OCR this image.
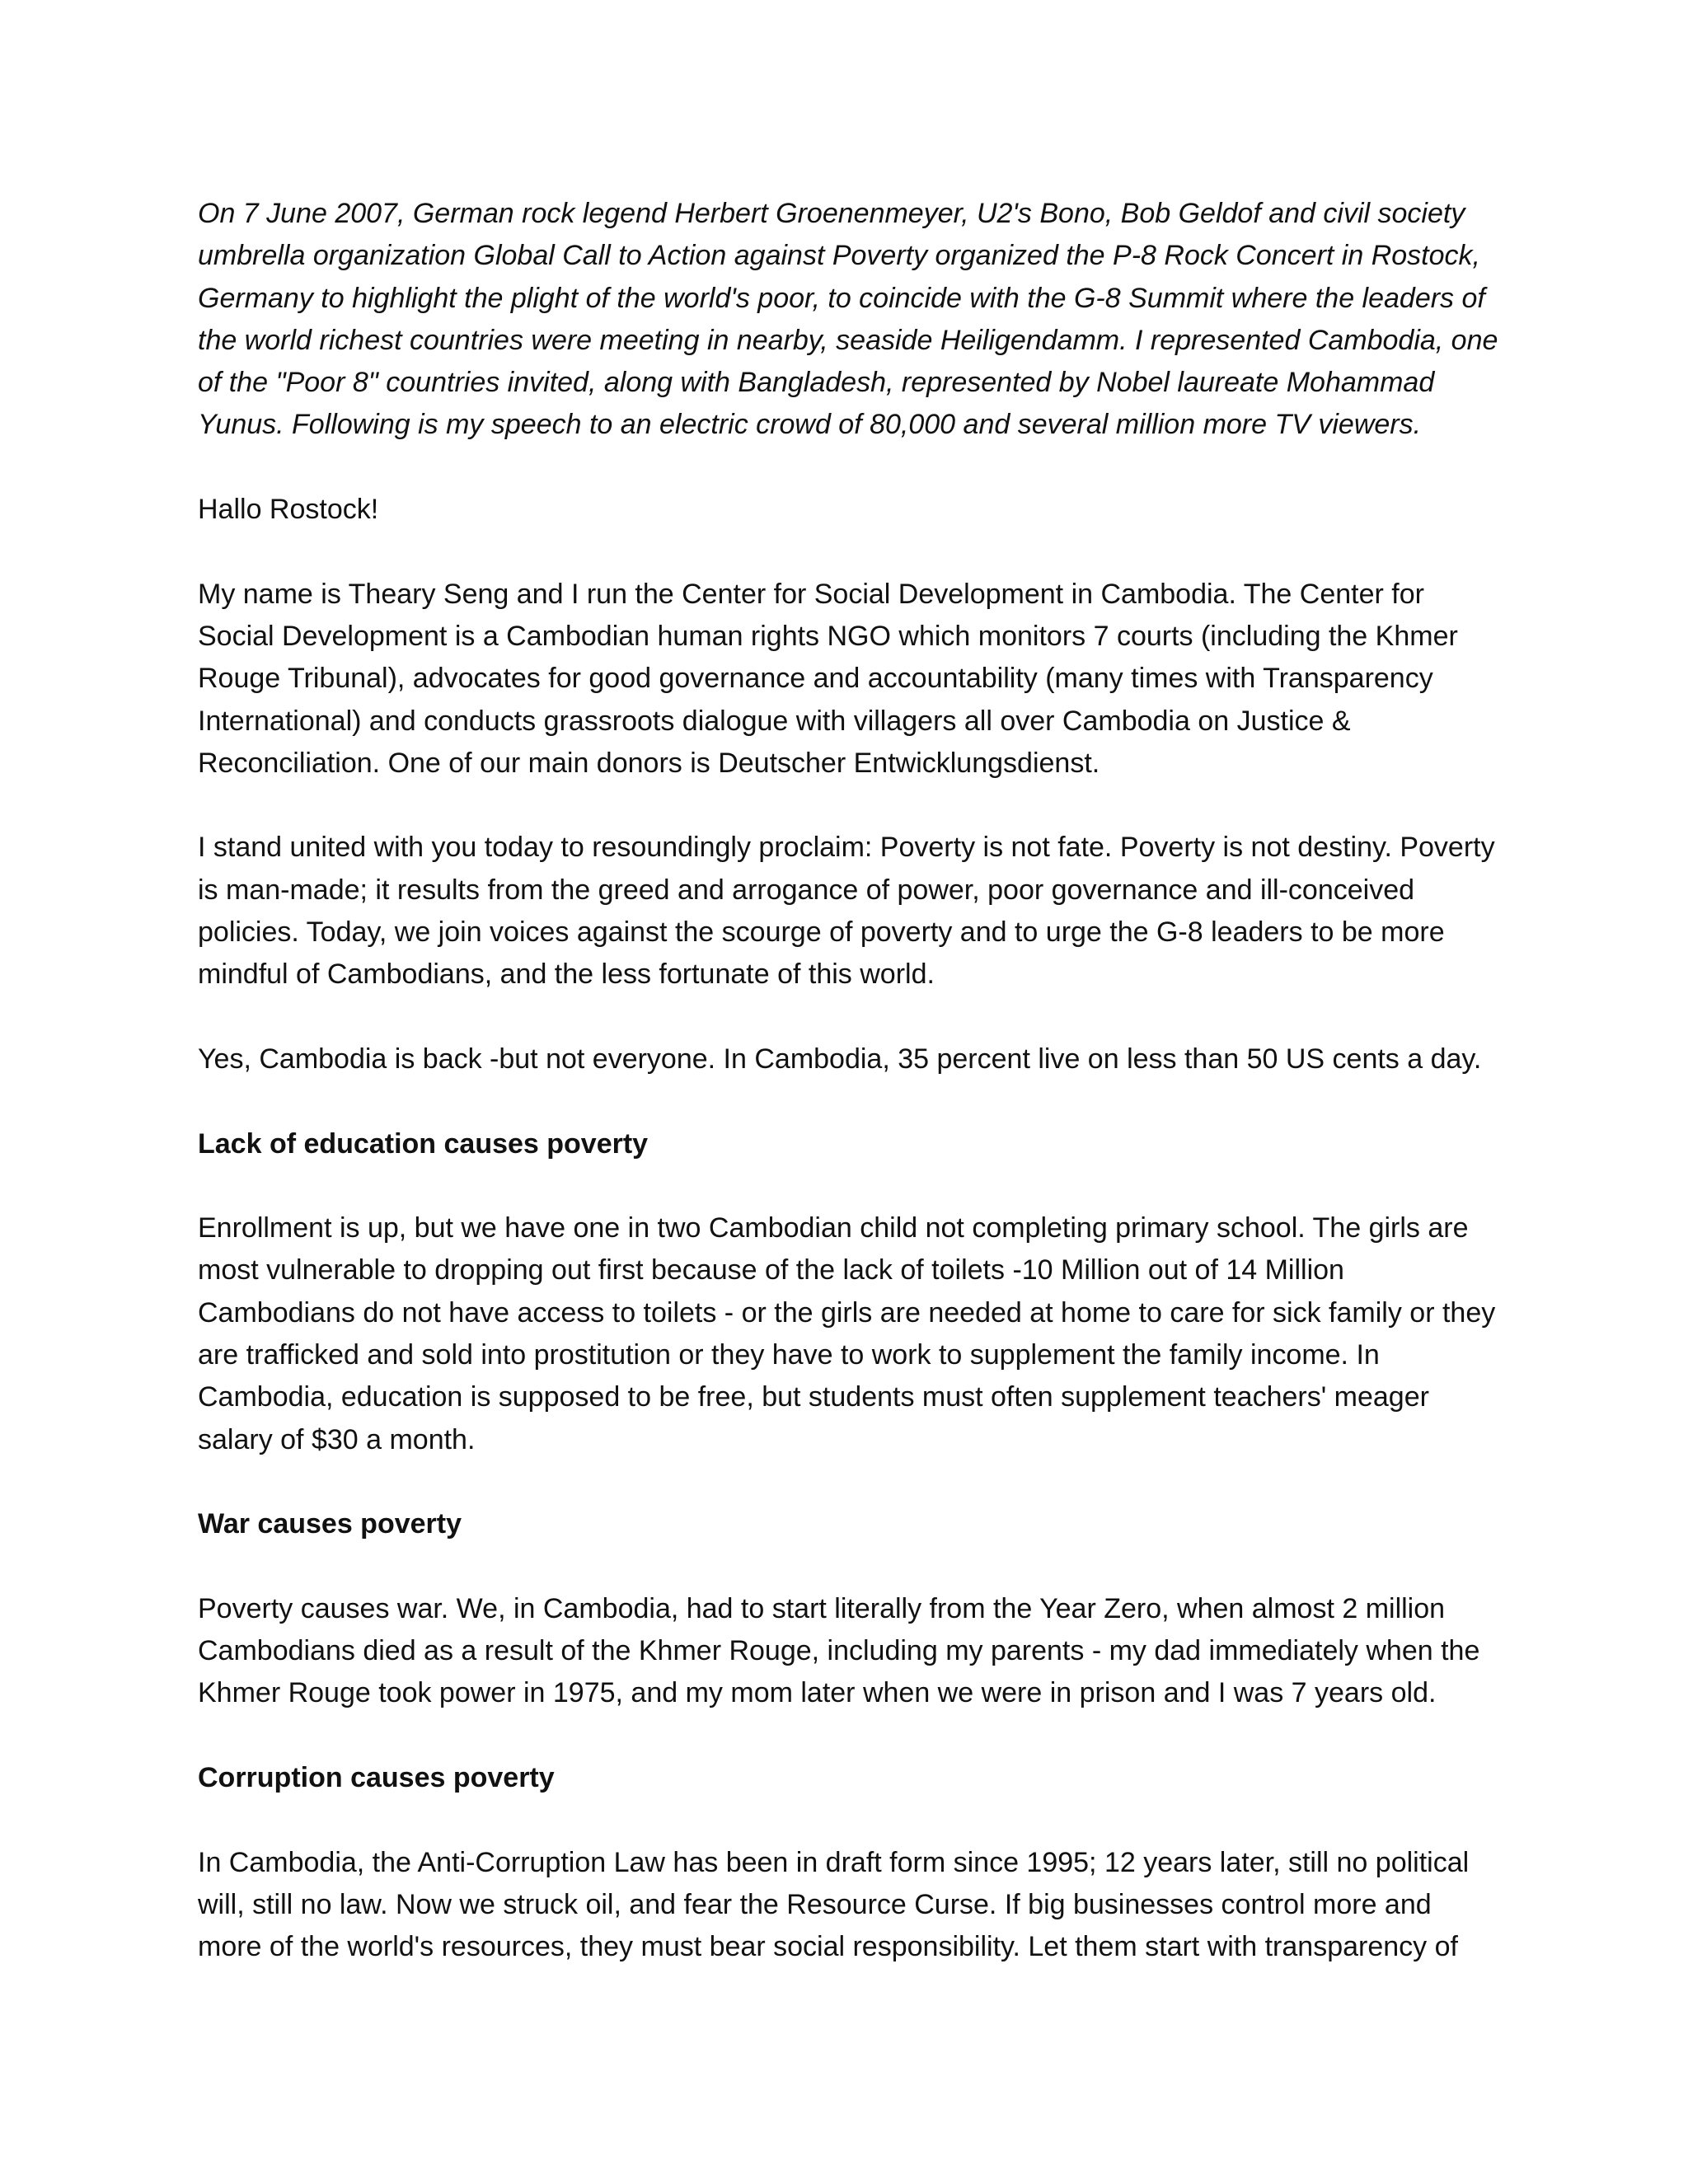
On 7 June 2007, German rock legend Herbert Groenenmeyer, U2's Bono, Bob Geldof and civil society umbrella organization Global Call to Action against Poverty organized the P-8 Rock Concert in Rostock, Germany to highlight the plight of the world's poor, to coincide with the G-8 Summit where the leaders of the world richest countries were meeting in nearby, seaside Heiligendamm. I represented Cambodia, one of the "Poor 8" countries invited, along with Bangladesh, represented by Nobel laureate Mohammad Yunus. Following is my speech to an electric crowd of 80,000 and several million more TV viewers.

Hallo Rostock!

My name is Theary Seng and I run the Center for Social Development in Cambodia. The Center for Social Development is a Cambodian human rights NGO which monitors 7 courts (including the Khmer Rouge Tribunal), advocates for good governance and accountability (many times with Transparency International) and conducts grassroots dialogue with villagers all over Cambodia on Justice & Reconciliation. One of our main donors is Deutscher Entwicklungsdienst.

I stand united with you today to resoundingly proclaim: Poverty is not fate. Poverty is not destiny. Poverty is man-made; it results from the greed and arrogance of power, poor governance and ill-conceived policies. Today, we join voices against the scourge of poverty and to urge the G-8 leaders to be more mindful of Cambodians, and the less fortunate of this world.

Yes, Cambodia is back -but not everyone. In Cambodia, 35 percent live on less than 50 US cents a day.

Lack of education causes poverty

Enrollment is up, but we have one in two Cambodian child not completing primary school. The girls are most vulnerable to dropping out first because of the lack of toilets -10 Million out of 14 Million Cambodians do not have access to toilets - or the girls are needed at home to care for sick family or they are trafficked and sold into prostitution or they have to work to supplement the family income. In Cambodia, education is supposed to be free, but students must often supplement teachers' meager salary of $30 a month.

War causes poverty

Poverty causes war. We, in Cambodia, had to start literally from the Year Zero, when almost 2 million Cambodians died as a result of the Khmer Rouge, including my parents - my dad immediately when the Khmer Rouge took power in 1975, and my mom later when we were in prison and I was 7 years old.

Corruption causes poverty

In Cambodia, the Anti-Corruption Law has been in draft form since 1995; 12 years later, still no political will, still no law. Now we struck oil, and fear the Resource Curse. If big businesses control more and more of the world's resources, they must bear social responsibility. Let them start with transparency of
